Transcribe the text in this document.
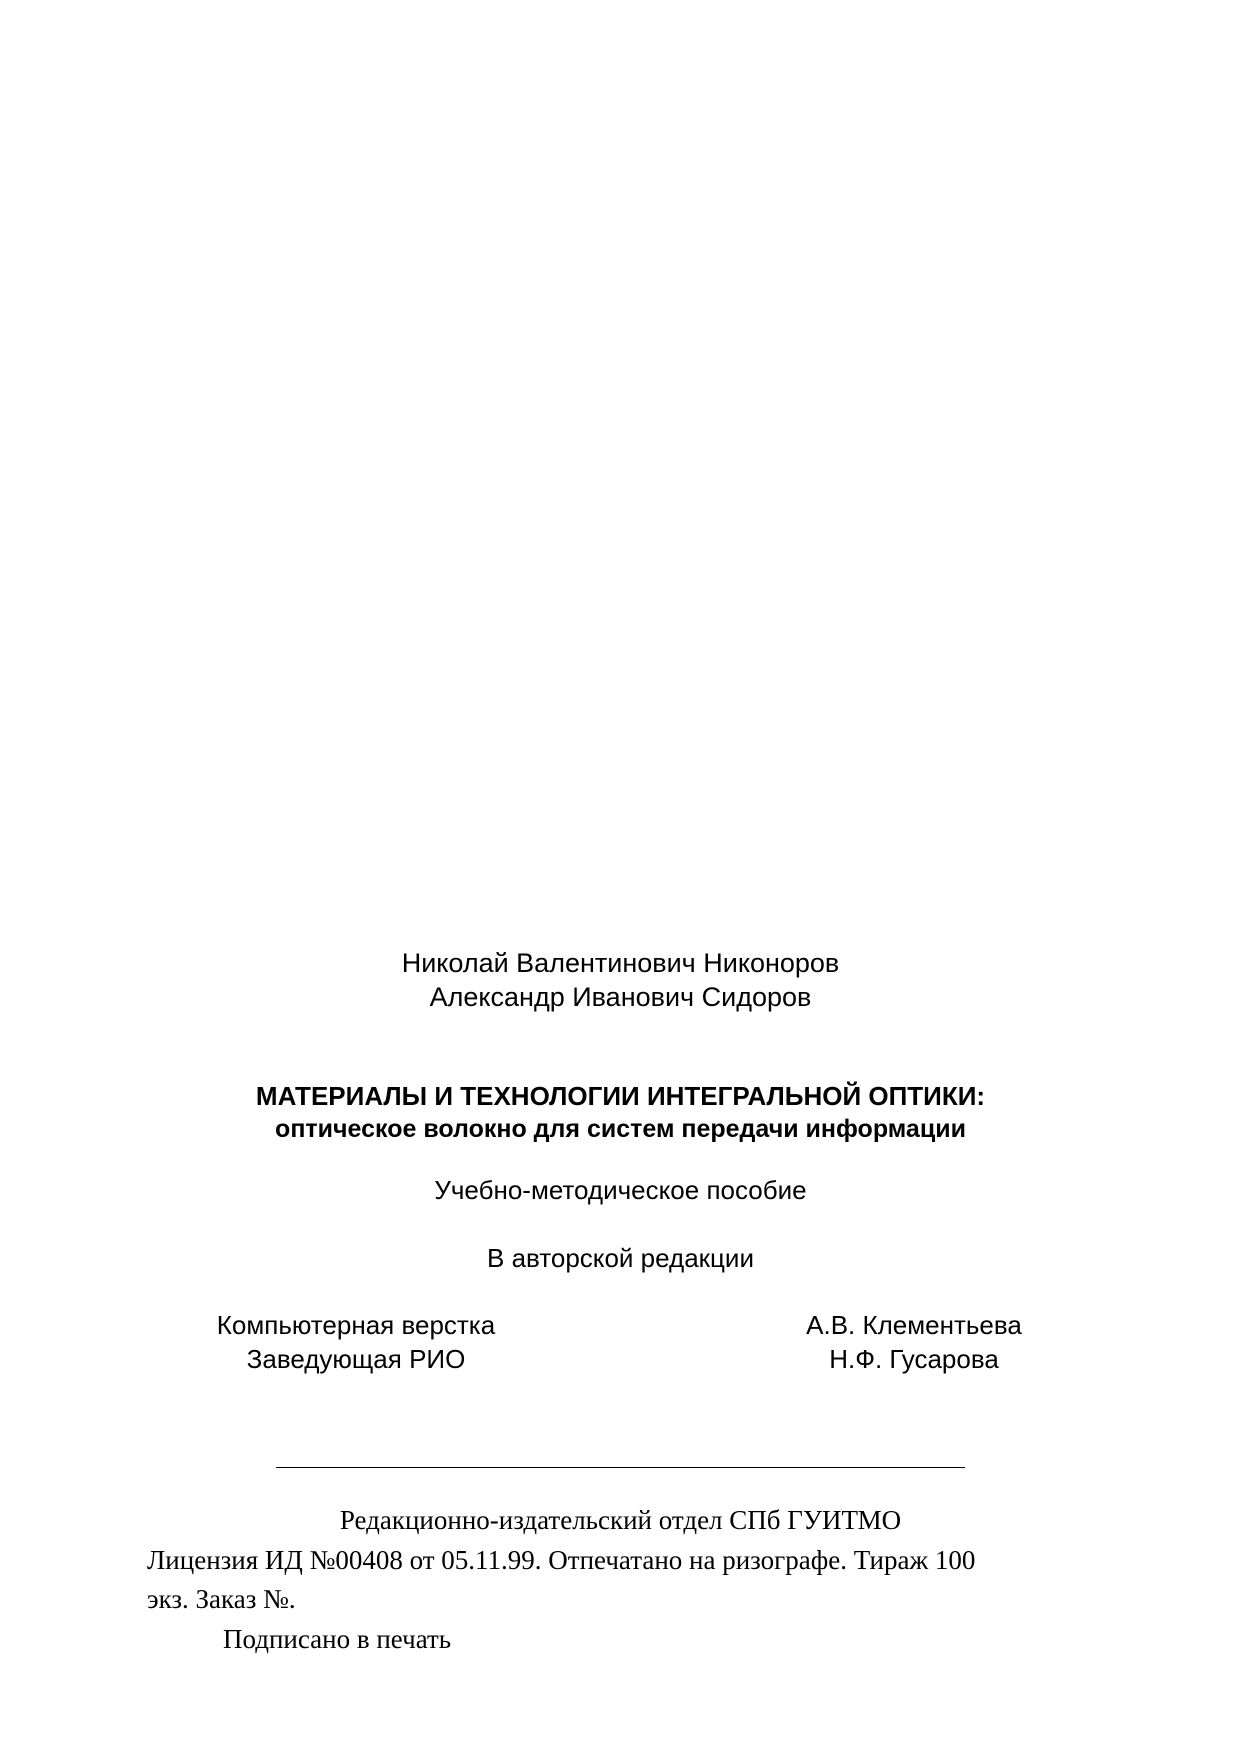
Николай Валентинович Никоноров
Александр Иванович Сидоров
МАТЕРИАЛЫ И ТЕХНОЛОГИИ ИНТЕГРАЛЬНОЙ ОПТИКИ:
оптическое волокно для систем передачи информации
Учебно-методическое пособие
В авторской редакции
Компьютерная верстка	А.В. Клементьева
Заведующая РИО	Н.Ф. Гусарова
Редакционно-издательский отдел СПб ГУИТМО
Лицензия ИД №00408 от 05.11.99. Отпечатано на ризографе. Тираж 100
экз. Заказ №.
Подписано в печать
